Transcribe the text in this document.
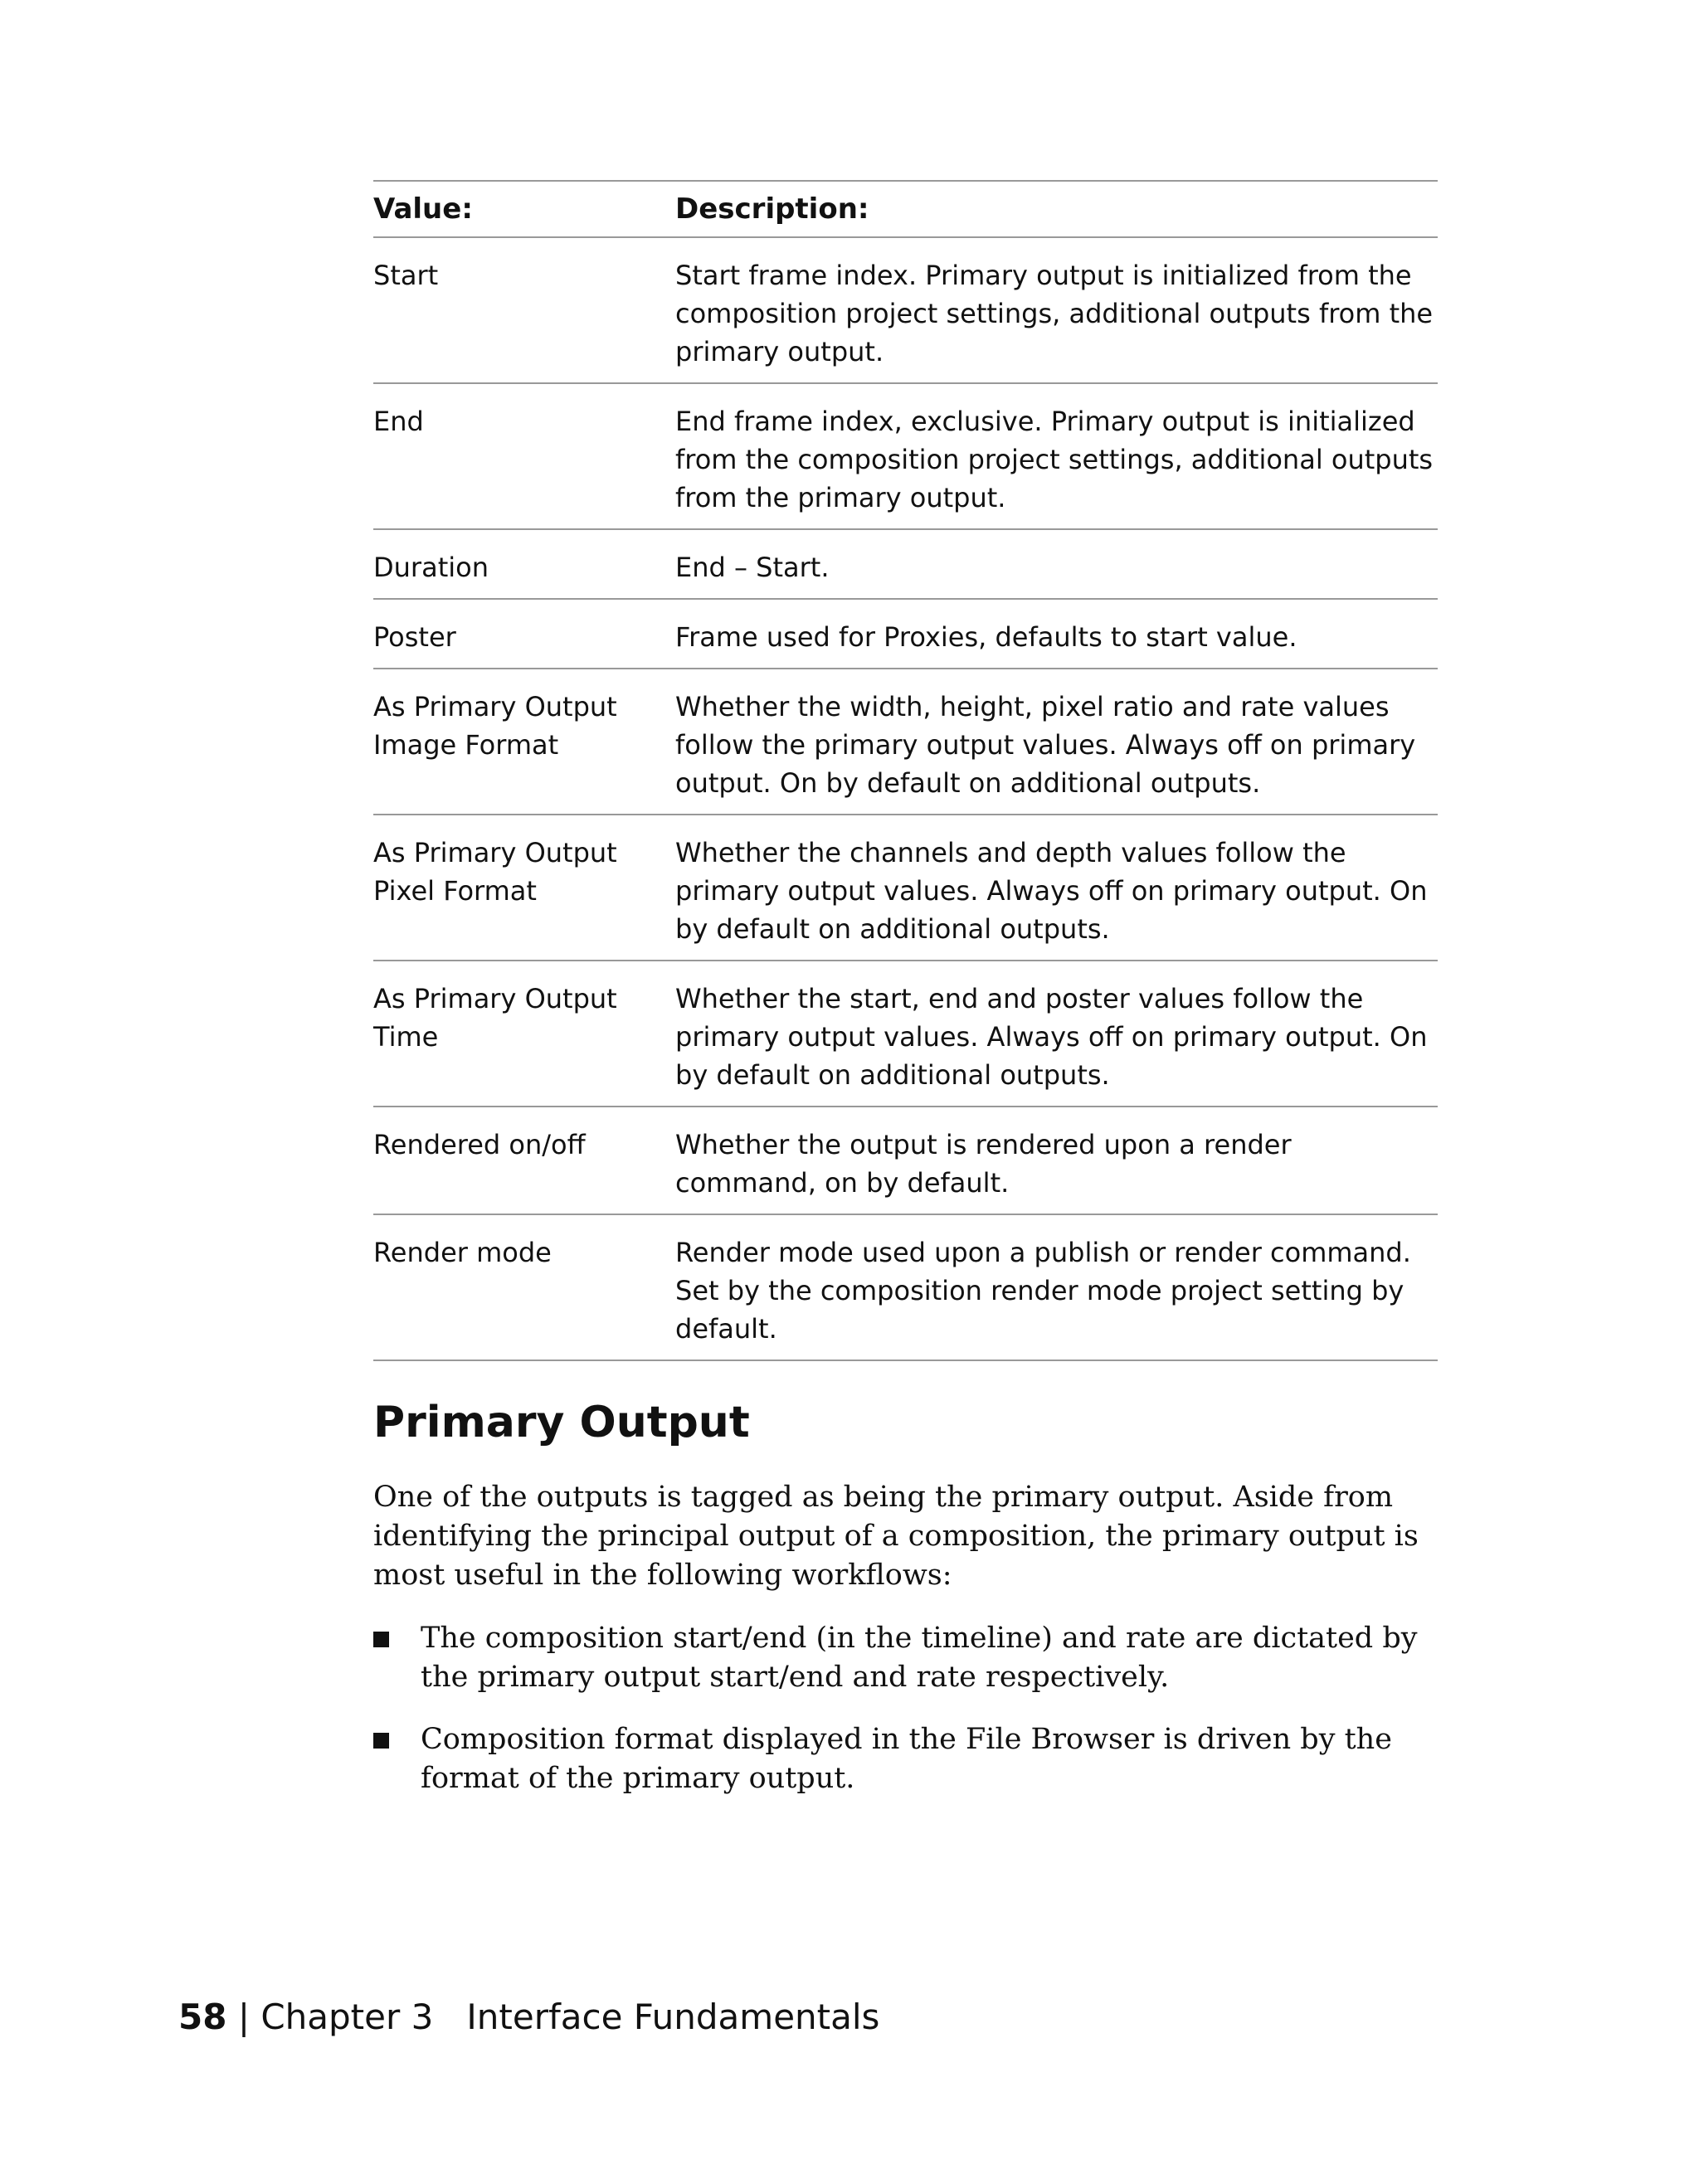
Value:	Description:
Start	Start frame index. Primary output is initialized from the composition project settings, additional outputs from the primary output.
End	End frame index, exclusive. Primary output is initialized from the composition project settings, additional outputs from the primary output.
Duration	End – Start.
Poster	Frame used for Proxies, defaults to start value.
As Primary Output Image Format	Whether the width, height, pixel ratio and rate values follow the primary output values. Always off on primary output. On by default on additional outputs.
As Primary Output Pixel Format	Whether the channels and depth values follow the primary output values. Always off on primary output. On by default on additional outputs.
As Primary Output Time	Whether the start, end and poster values follow the primary output values. Always off on primary output. On by default on additional outputs.
Rendered on/off	Whether the output is rendered upon a render command, on by default.
Render mode	Render mode used upon a publish or render command. Set by the composition render mode project setting by default.
Primary Output

One of the outputs is tagged as being the primary output. Aside from identifying the principal output of a composition, the primary output is most useful in the following workflows:

The composition start/end (in the timeline) and rate are dictated by the primary output start/end and rate respectively.
Composition format displayed in the File Browser is driven by the format of the primary output.

58 | Chapter 3 Interface Fundamentals
